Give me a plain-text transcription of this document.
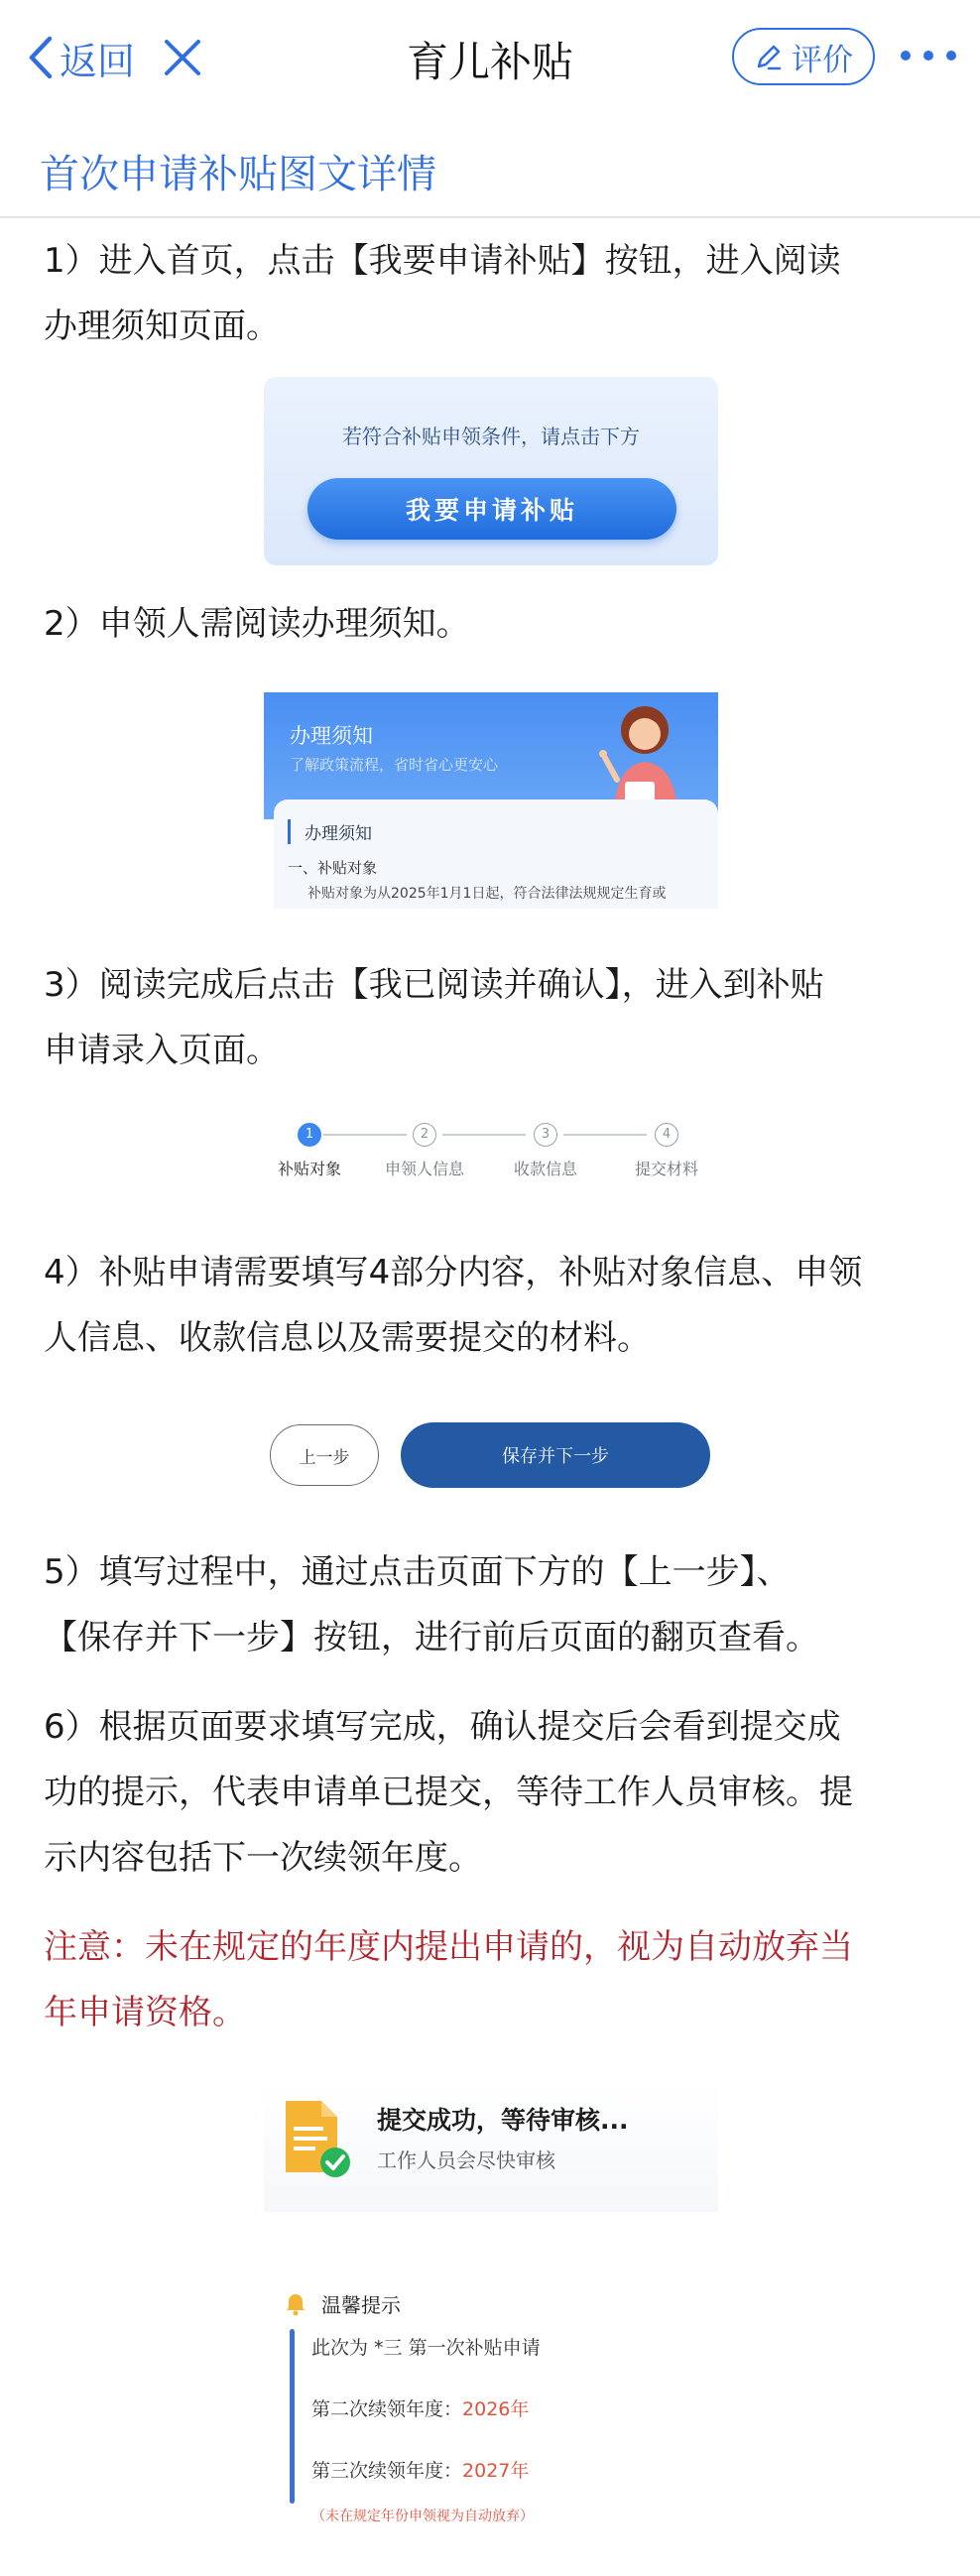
返回	育儿补贴	评价
首次申请补贴图文详情
1）进入首页，点击【我要申请补贴】按钮，进入阅读
办理须知页面。
若符合补贴申领条件，请点击下方
我要申请补贴
2）申领人需阅读办理须知。
办理须知
了解政策流程，省时省心更安心
办理须知
一、补贴对象
补贴对象为从2025年1月1日起，符合法律法规规定生育或
3）阅读完成后点击【我已阅读并确认】，进入到补贴
申请录入页面。
1
补贴对象
2
申领人信息
3
收款信息
4
提交材料
4）补贴申请需要填写4部分内容，补贴对象信息、申领
人信息、收款信息以及需要提交的材料。
上一步	保存并下一步
5）填写过程中，通过点击页面下方的【上一步】、
【保存并下一步】按钮，进行前后页面的翻页查看。
6）根据页面要求填写完成，确认提交后会看到提交成
功的提示，代表申请单已提交，等待工作人员审核。提
示内容包括下一次续领年度。
注意：未在规定的年度内提出申请的，视为自动放弃当
年申请资格。
提交成功，等待审核...
工作人员会尽快审核
温馨提示
此次为 *三 第一次补贴申请
第二次续领年度：2026年
第三次续领年度：2027年
（未在规定年份申领视为自动放弃）
